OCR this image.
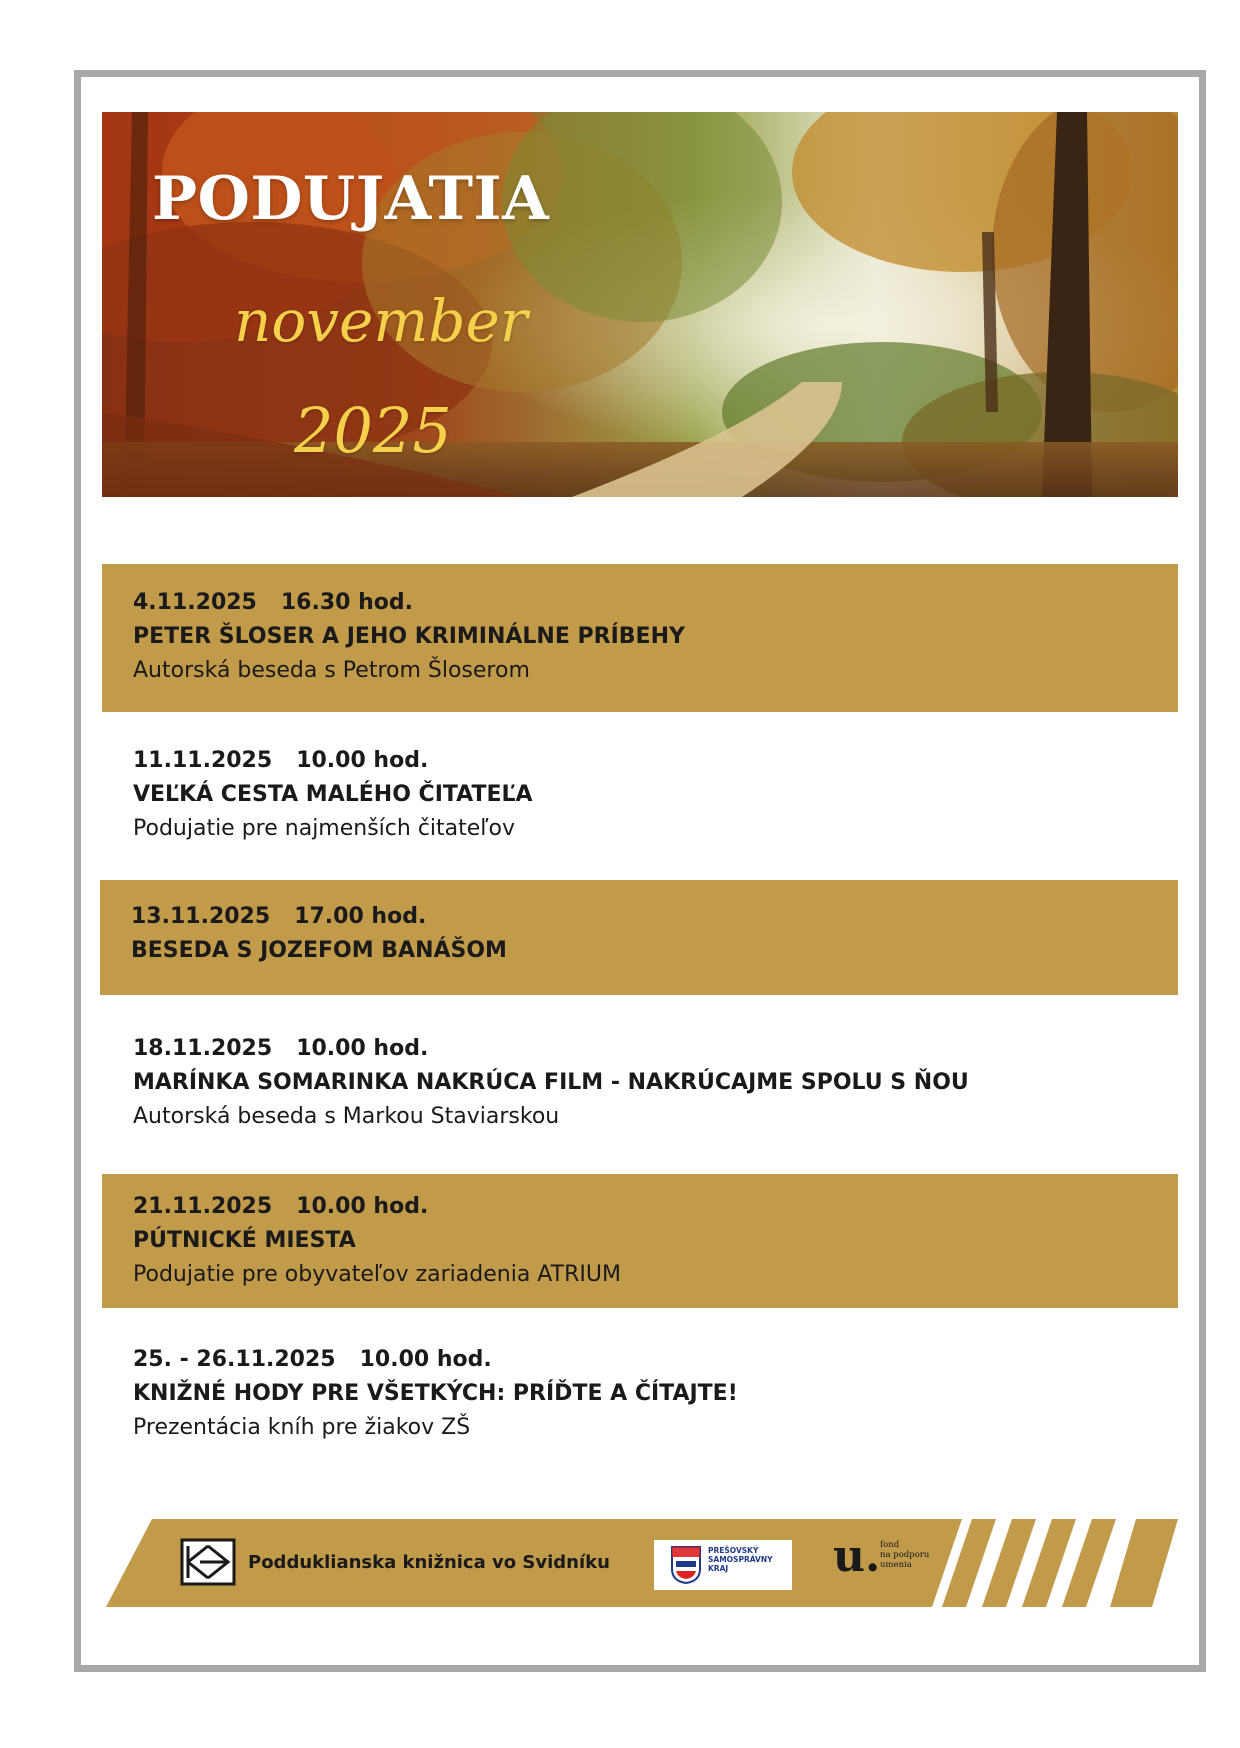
PODUJATIA
november
2025
4.11.2025 16.30 hod.
PETER ŠLOSER A JEHO KRIMINÁLNE PRÍBEHY
Autorská beseda s Petrom Šloserom
11.11.2025 10.00 hod.
VEĽKÁ CESTA MALÉHO ČITATEĽA
Podujatie pre najmenších čitateľov
13.11.2025 17.00 hod.
BESEDA S JOZEFOM BANÁŠOM
18.11.2025 10.00 hod.
MARÍNKA SOMARINKA NAKRÚCA FILM - NAKRÚCAJME SPOLU S ŇOU
Autorská beseda s Markou Staviarskou
21.11.2025 10.00 hod.
PÚTNICKÉ MIESTA
Podujatie pre obyvateľov zariadenia ATRIUM
25. - 26.11.2025 10.00 hod.
KNIŽNÉ HODY PRE VŠETKÝCH: PRÍĎTE A ČÍTAJTE!
Prezentácia kníh pre žiakov ZŠ
Podduklianska knižnica vo Svidníku
PREŠOVSKÝ
SAMOSPRÁVNY
KRAJ	u. fond
na podporu
umenia
